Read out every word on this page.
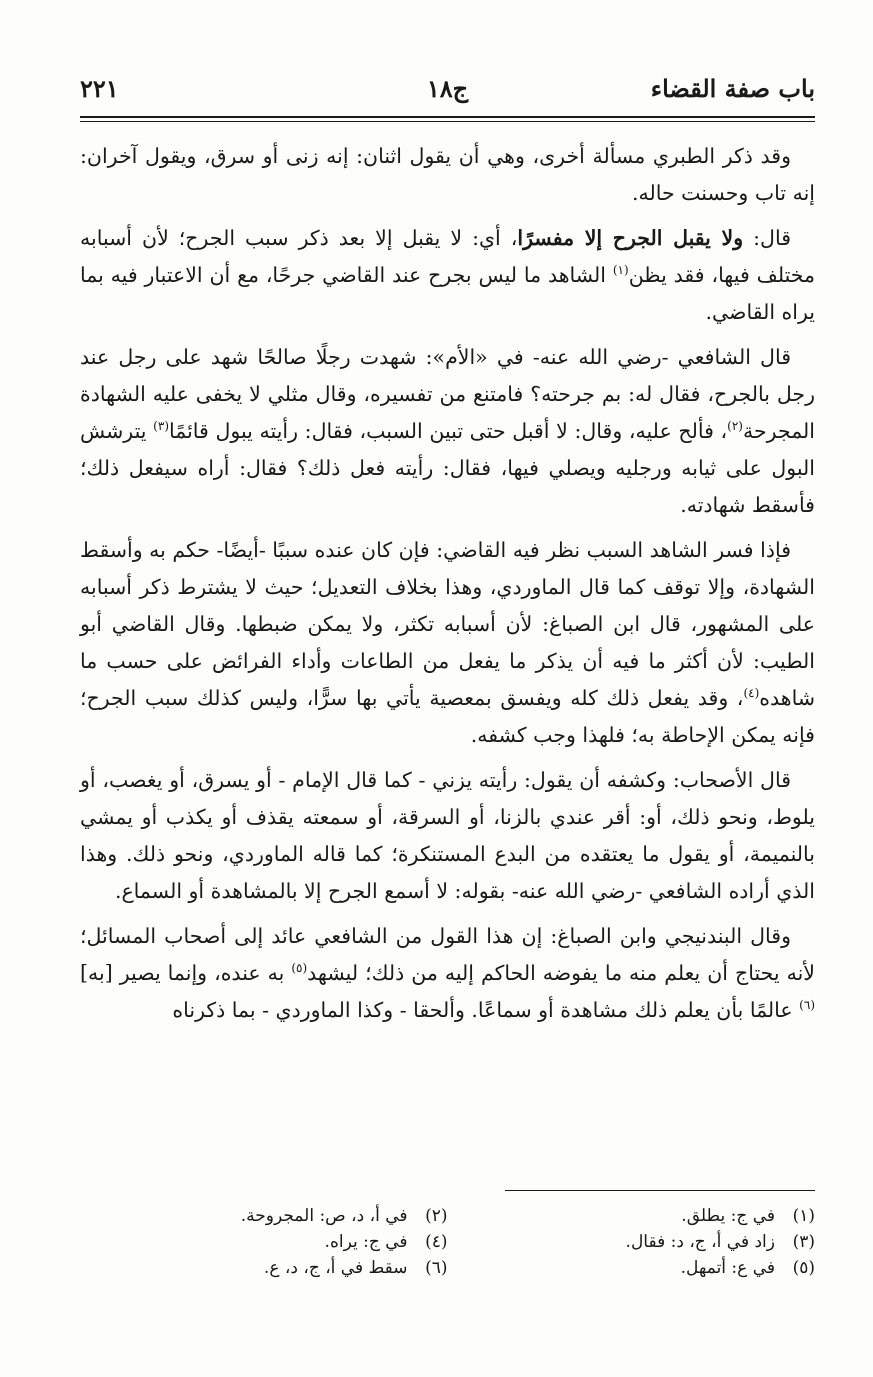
باب صفة القضاء
ج١٨
٢٢١

وقد ذكر الطبري مسألة أخرى، وهي أن يقول اثنان: إنه زنى أو سرق، ويقول آخران: إنه تاب وحسنت حاله.

قال: ولا يقبل الجرح إلا مفسرًا، أي: لا يقبل إلا بعد ذكر سبب الجرح؛ لأن أسبابه مختلف فيها، فقد يظن$^{(١)}$ الشاهد ما ليس بجرح عند القاضي جرحًا، مع أن الاعتبار فيه بما يراه القاضي.

قال الشافعي -رضي الله عنه- في «الأم»: شهدت رجلًا صالحًا شهد على رجل عند رجل بالجرح، فقال له: بم جرحته؟ فامتنع من تفسيره، وقال مثلي لا يخفى عليه الشهادة المجرحة$^{(٢)}$، فألح عليه، وقال: لا أقبل حتى تبين السبب، فقال: رأيته يبول قائمًا$^{(٣)}$ يترشش البول على ثيابه ورجليه ويصلي فيها، فقال: رأيته فعل ذلك؟ فقال: أراه سيفعل ذلك؛ فأسقط شهادته.

فإذا فسر الشاهد السبب نظر فيه القاضي: فإن كان عنده سببًا -أيضًا- حكم به وأسقط الشهادة، وإلا توقف كما قال الماوردي، وهذا بخلاف التعديل؛ حيث لا يشترط ذكر أسبابه على المشهور، قال ابن الصباغ: لأن أسبابه تكثر، ولا يمكن ضبطها. وقال القاضي أبو الطيب: لأن أكثر ما فيه أن يذكر ما يفعل من الطاعات وأداء الفرائض على حسب ما شاهده$^{(٤)}$، وقد يفعل ذلك كله ويفسق بمعصية يأتي بها سرًّا، وليس كذلك سبب الجرح؛ فإنه يمكن الإحاطة به؛ فلهذا وجب كشفه.

قال الأصحاب: وكشفه أن يقول: رأيته يزني - كما قال الإمام - أو يسرق، أو يغصب، أو يلوط، ونحو ذلك، أو: أقر عندي بالزنا، أو السرقة، أو سمعته يقذف أو يكذب أو يمشي بالنميمة، أو يقول ما يعتقده من البدع المستنكرة؛ كما قاله الماوردي، ونحو ذلك. وهذا الذي أراده الشافعي -رضي الله عنه- بقوله: لا أسمع الجرح إلا بالمشاهدة أو السماع.

وقال البندنيجي وابن الصباغ: إن هذا القول من الشافعي عائد إلى أصحاب المسائل؛ لأنه يحتاج أن يعلم منه ما يفوضه الحاكم إليه من ذلك؛ ليشهد$^{(٥)}$ به عنده، وإنما يصير [به]$^{(٦)}$ عالمًا بأن يعلم ذلك مشاهدة أو سماعًا. وألحقا - وكذا الماوردي - بما ذكرناه

(١)
في ج: يطلق.
(٢)
في أ، د، ص: المجروحة.
(٣)
زاد في أ، ج، د: فقال.
(٤)
في ج: يراه.
(٥)
في ع: أتمهل.
(٦)
سقط في أ، ج، د، ع.
